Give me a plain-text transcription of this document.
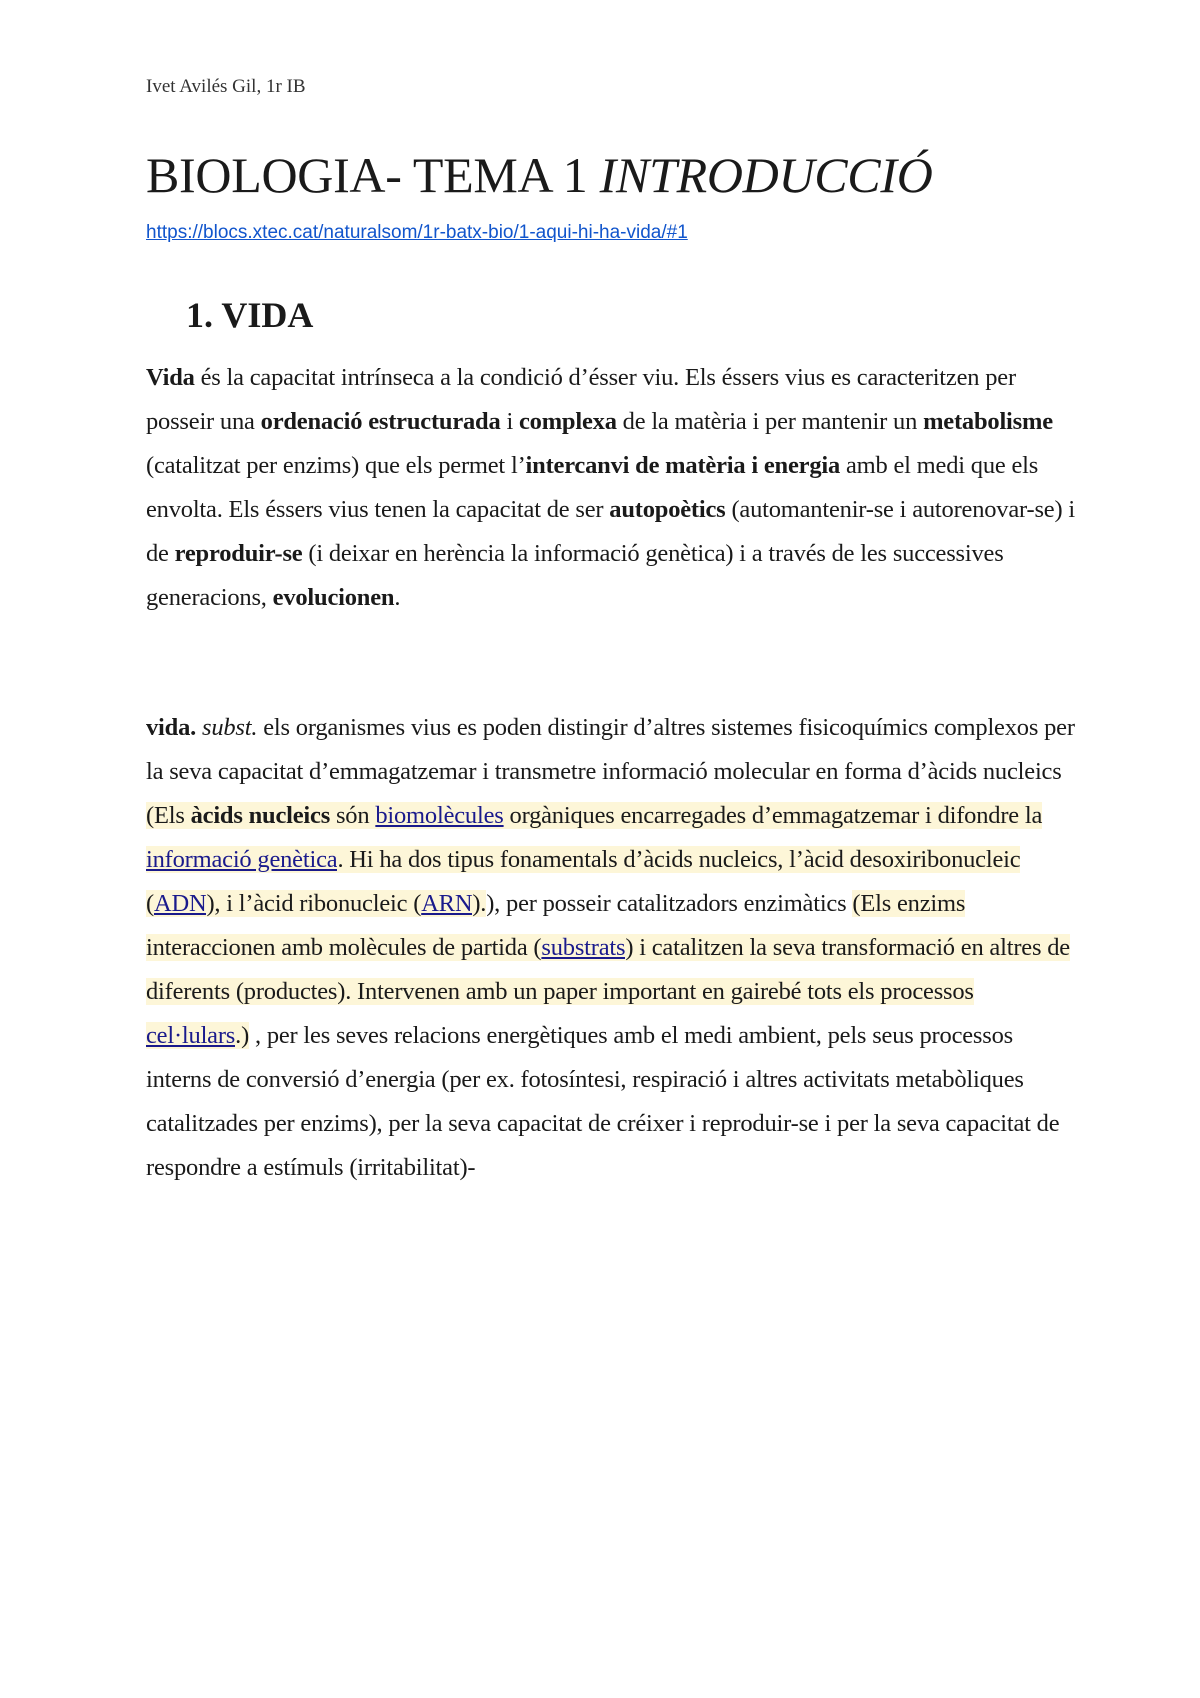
Ivet Avilés Gil, 1r IB
BIOLOGIA- TEMA 1 INTRODUCCIÓ
https://blocs.xtec.cat/naturalsom/1r-batx-bio/1-aqui-hi-ha-vida/#1
1. VIDA

Vida és la capacitat intrínseca a la condició d’ésser viu. Els éssers vius es caracteritzen per posseir una ordenació estructurada i complexa de la matèria i per mantenir un metabolisme (catalitzat per enzims) que els permet l’intercanvi de matèria i energia amb el medi que els envolta. Els éssers vius tenen la capacitat de ser autopoètics (automantenir-se i autorenovar-se) i de reproduir-se (i deixar en herència la informació genètica) i a través de les successives generacions, evolucionen.

vida. subst. els organismes vius es poden distingir d’altres sistemes fisicoquímics complexos per la seva capacitat d’emmagatzemar i transmetre informació molecular en forma d’àcids nucleics (Els àcids nucleics són biomolècules orgàniques encarregades d’emmagatzemar i difondre la informació genètica. Hi ha dos tipus fonamentals d’àcids nucleics, l’àcid desoxiribonucleic (ADN), i l’àcid ribonucleic (ARN).), per posseir catalitzadors enzimàtics (Els enzims interaccionen amb molècules de partida (substrats) i catalitzen la seva transformació en altres de diferents (productes). Intervenen amb un paper important en gairebé tots els processos cel·lulars.) , per les seves relacions energètiques amb el medi ambient, pels seus processos interns de conversió d’energia (per ex. fotosíntesi, respiració i altres activitats metabòliques catalitzades per enzims), per la seva capacitat de créixer i reproduir-se i per la seva capacitat de respondre a estímuls (irritabilitat)-
